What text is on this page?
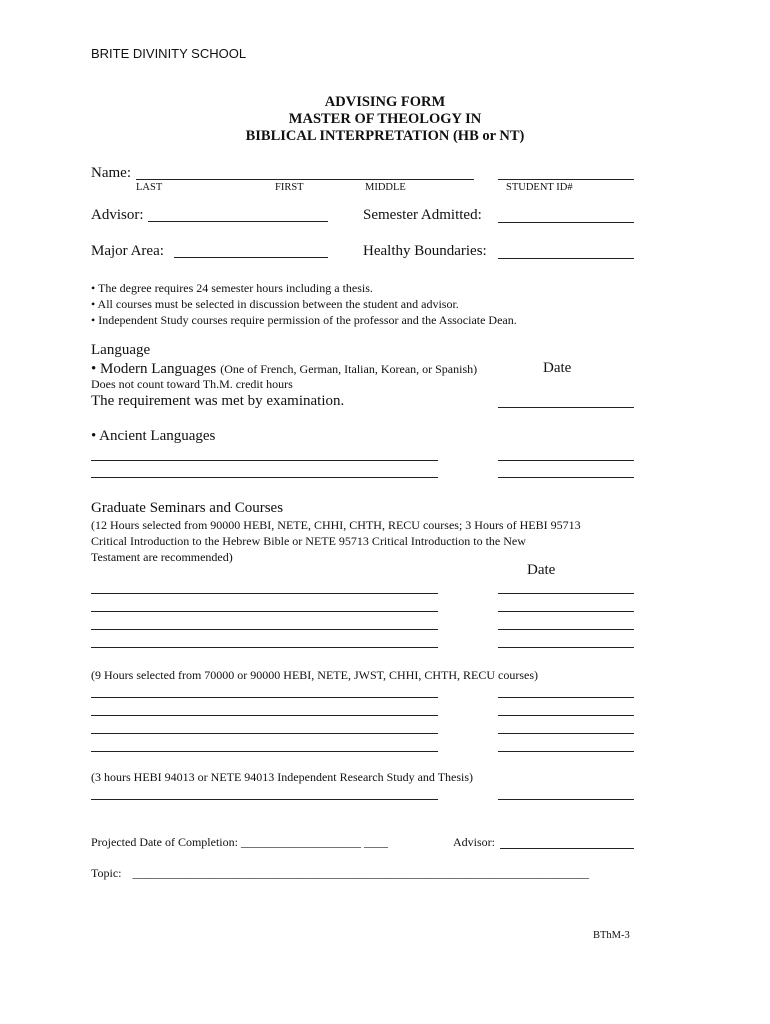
BRITE DIVINITY SCHOOL
ADVISING FORM
MASTER OF THEOLOGY IN
BIBLICAL INTERPRETATION (HB or NT)
Name:
LAST	FIRST	MIDDLE	STUDENT ID#
Advisor:	Semester Admitted:
Major Area:	Healthy Boundaries:
• The degree requires 24 semester hours including a thesis.
• All courses must be selected in discussion between the student and advisor.
• Independent Study courses require permission of the professor and the Associate Dean.
Language
• Modern Languages (One of French, German, Italian, Korean, or Spanish)	Date
Does not count toward Th.M. credit hours
The requirement was met by examination.
• Ancient Languages
Graduate Seminars and Courses
(12 Hours selected from 90000 HEBI, NETE, CHHI, CHTH, RECU courses; 3 Hours of HEBI 95713
Critical Introduction to the Hebrew Bible or NETE 95713 Critical Introduction to the New
Testament are recommended)
Date
(9 Hours selected from 70000 or 90000 HEBI, NETE, JWST, CHHI, CHTH, RECU courses)
(3 hours HEBI 94013 or NETE 94013 Independent Research Study and Thesis)
Projected Date of Completion: ____________________ ____	Advisor:
Topic: ______________________________________________________________________________
BThM-3
